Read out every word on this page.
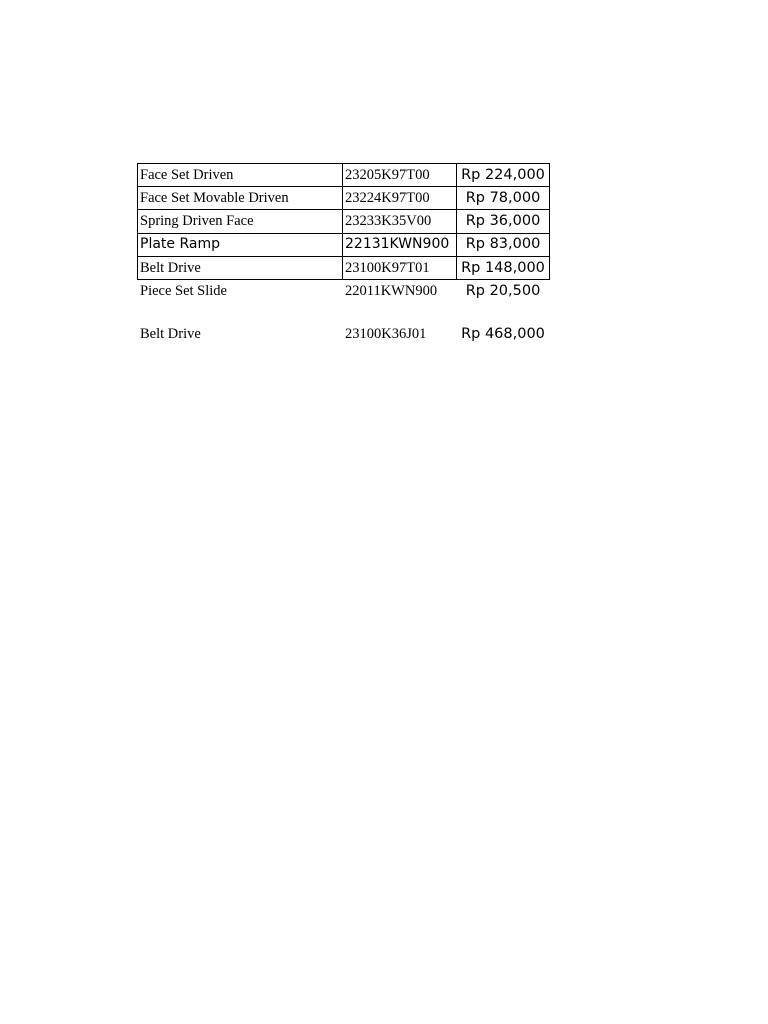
Face Set Driven	23205K97T00	Rp 224,000
Face Set Movable Driven	23224K97T00	Rp 78,000
Spring Driven Face	23233K35V00	Rp 36,000
Plate Ramp	22131KWN900	Rp 83,000
Belt Drive	23100K97T01	Rp 148,000
Piece Set Slide	22011KWN900	Rp 20,500
Belt Drive	23100K36J01	Rp 468,000
